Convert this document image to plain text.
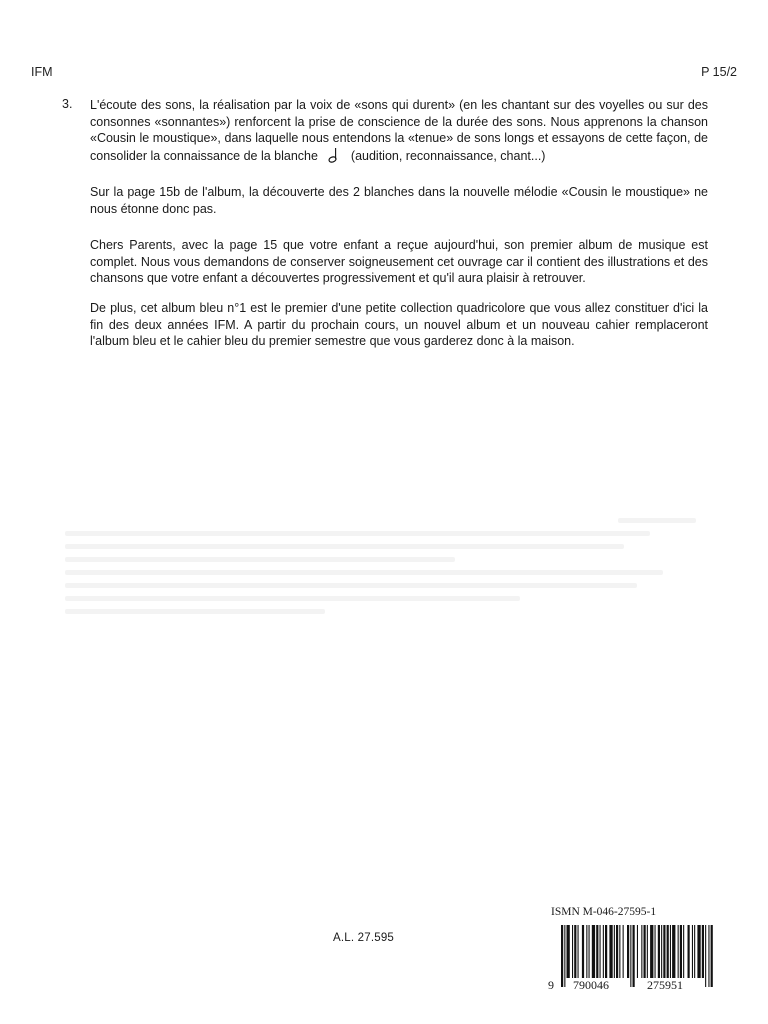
IFM	P 15/2
3. L'écoute des sons, la réalisation par la voix de «sons qui durent» (en les chantant sur des voyelles ou sur des consonnes «sonnantes») renforcent la prise de conscience de la durée des sons. Nous apprenons la chanson «Cousin le moustique», dans laquelle nous entendons la «tenue» de sons longs et essayons de cette façon, de consolider la connaissance de la blanche	(audition, reconnaissance, chant...)

Sur la page 15b de l'album, la découverte des 2 blanches dans la nouvelle mélodie «Cousin le moustique» ne nous étonne donc pas.

Chers Parents, avec la page 15 que votre enfant a reçue aujourd'hui, son premier album de musique est complet. Nous vous demandons de conserver soigneusement cet ouvrage car il contient des illustrations et des chansons que votre enfant a découvertes progressivement et qu'il aura plaisir à retrouver.

De plus, cet album bleu n°1 est le premier d'une petite collection quadricolore que vous allez constituer d'ici la fin des deux années IFM. A partir du prochain cours, un nouvel album et un nouveau cahier remplaceront l'album bleu et le cahier bleu du premier semestre que vous garderez donc à la maison.

A.L. 27.595
ISMN M-046-27595-1
9 790046	275951
